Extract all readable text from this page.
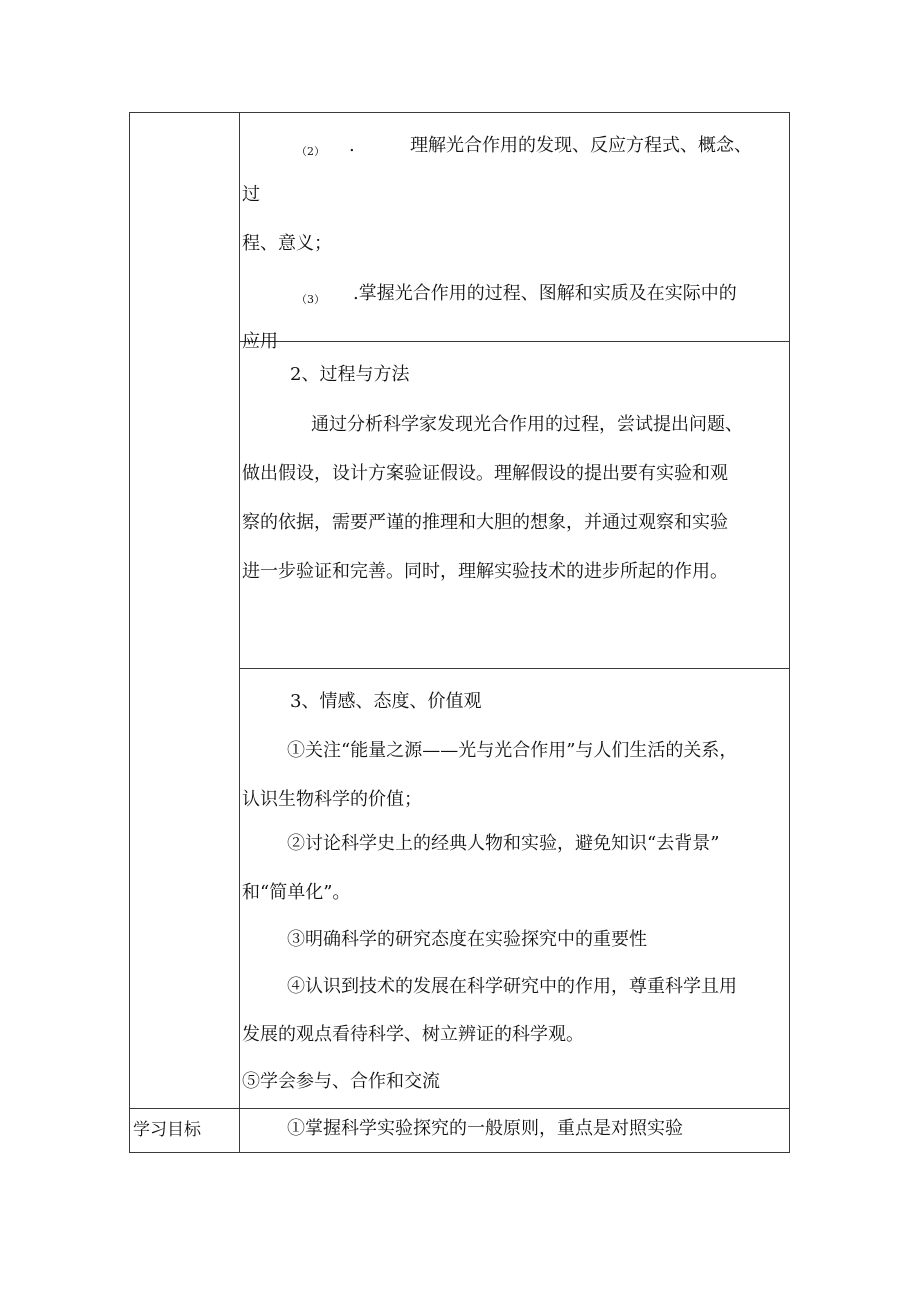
（2） .	理解光合作用的发现、反应方程式、概念、
过
程、意义；
（3） .掌握光合作用的过程、图解和实质及在实际中的
应用
2、过程与方法
通过分析科学家发现光合作用的过程，尝试提出问题、
做出假设，设计方案验证假设。理解假设的提出要有实验和观
察的依据，需要严谨的推理和大胆的想象，并通过观察和实验
进一步验证和完善。同时，理解实验技术的进步所起的作用。
3、情感、态度、价值观
①关注“能量之源——光与光合作用”与人们生活的关系，
认识生物科学的价值；
②讨论科学史上的经典人物和实验，避免知识“去背景”
和“简单化”。
③明确科学的研究态度在实验探究中的重要性
④认识到技术的发展在科学研究中的作用，尊重科学且用
发展的观点看待科学、树立辨证的科学观。
⑤学会参与、合作和交流
学习目标	①掌握科学实验探究的一般原则，重点是对照实验
